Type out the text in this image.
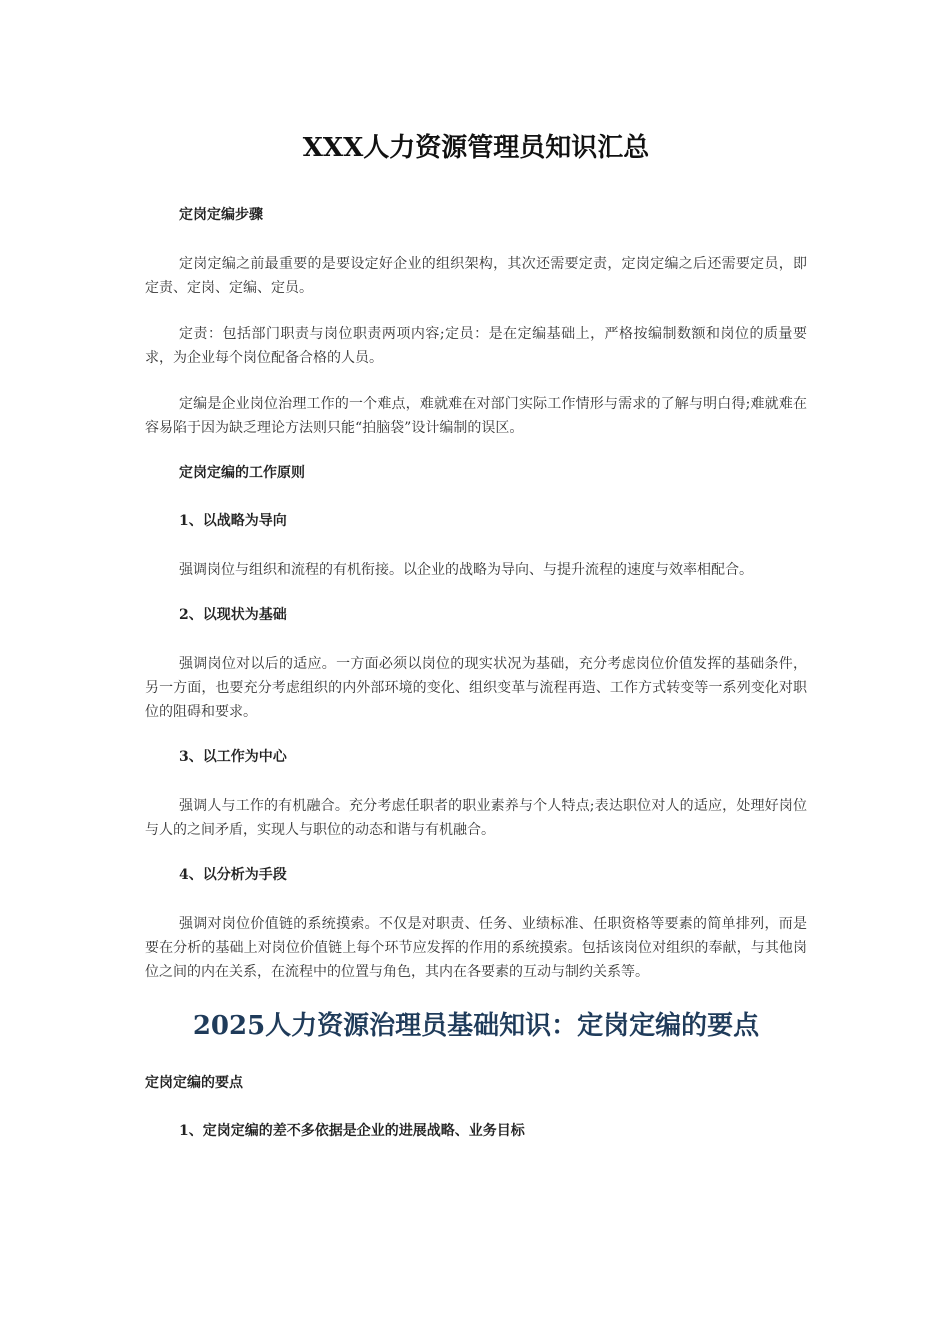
XXX人力资源管理员知识汇总

定岗定编步骤

定岗定编之前最重要的是要设定好企业的组织架构，其次还需要定责，定岗定编之后还需要定员，即定责、定岗、定编、定员。

定责：包括部门职责与岗位职责两项内容;定员：是在定编基础上，严格按编制数额和岗位的质量要求，为企业每个岗位配备合格的人员。

定编是企业岗位治理工作的一个难点，难就难在对部门实际工作情形与需求的了解与明白得;难就难在容易陷于因为缺乏理论方法则只能“拍脑袋”设计编制的误区。

定岗定编的工作原则

1、以战略为导向

强调岗位与组织和流程的有机衔接。以企业的战略为导向、与提升流程的速度与效率相配合。

2、以现状为基础

强调岗位对以后的适应。一方面必须以岗位的现实状况为基础，充分考虑岗位价值发挥的基础条件，另一方面，也要充分考虑组织的内外部环境的变化、组织变革与流程再造、工作方式转变等一系列变化对职位的阻碍和要求。

3、以工作为中心

强调人与工作的有机融合。充分考虑任职者的职业素养与个人特点;表达职位对人的适应，处理好岗位与人的之间矛盾，实现人与职位的动态和谐与有机融合。

4、以分析为手段

强调对岗位价值链的系统摸索。不仅是对职责、任务、业绩标准、任职资格等要素的简单排列，而是要在分析的基础上对岗位价值链上每个环节应发挥的作用的系统摸索。包括该岗位对组织的奉献，与其他岗位之间的内在关系，在流程中的位置与角色，其内在各要素的互动与制约关系等。

2025人力资源治理员基础知识：定岗定编的要点

定岗定编的要点

1、定岗定编的差不多依据是企业的进展战略、业务目标
